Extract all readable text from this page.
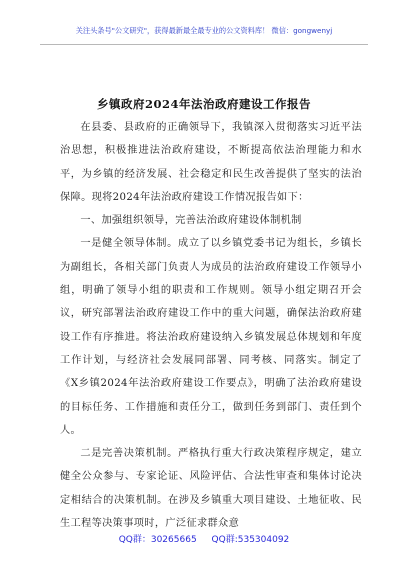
关注头条号"公文研究"，获得最新最全最专业的公文资料库！ 微信：gongwenyj
乡镇政府2024年法治政府建设工作报告

在县委、县政府的正确领导下，我镇深入贯彻落实习近平法治思想，积极推进法治政府建设，不断提高依法治理能力和水平，为乡镇的经济发展、社会稳定和民生改善提供了坚实的法治保障。现将2024年法治政府建设工作情况报告如下：

一、加强组织领导，完善法治政府建设体制机制

一是健全领导体制。成立了以乡镇党委书记为组长，乡镇长为副组长，各相关部门负责人为成员的法治政府建设工作领导小组，明确了领导小组的职责和工作规则。领导小组定期召开会议，研究部署法治政府建设工作中的重大问题，确保法治政府建设工作有序推进。将法治政府建设纳入乡镇发展总体规划和年度工作计划，与经济社会发展同部署、同考核、同落实。制定了《X乡镇2024年法治政府建设工作要点》，明确了法治政府建设的目标任务、工作措施和责任分工，做到任务到部门、责任到个人。

二是完善决策机制。严格执行重大行政决策程序规定，建立健全公众参与、专家论证、风险评估、合法性审查和集体讨论决定相结合的决策机制。在涉及乡镇重大项目建设、土地征收、民生工程等决策事项时，广泛征求群众意

QQ群：30265665 QQ群:535304092
